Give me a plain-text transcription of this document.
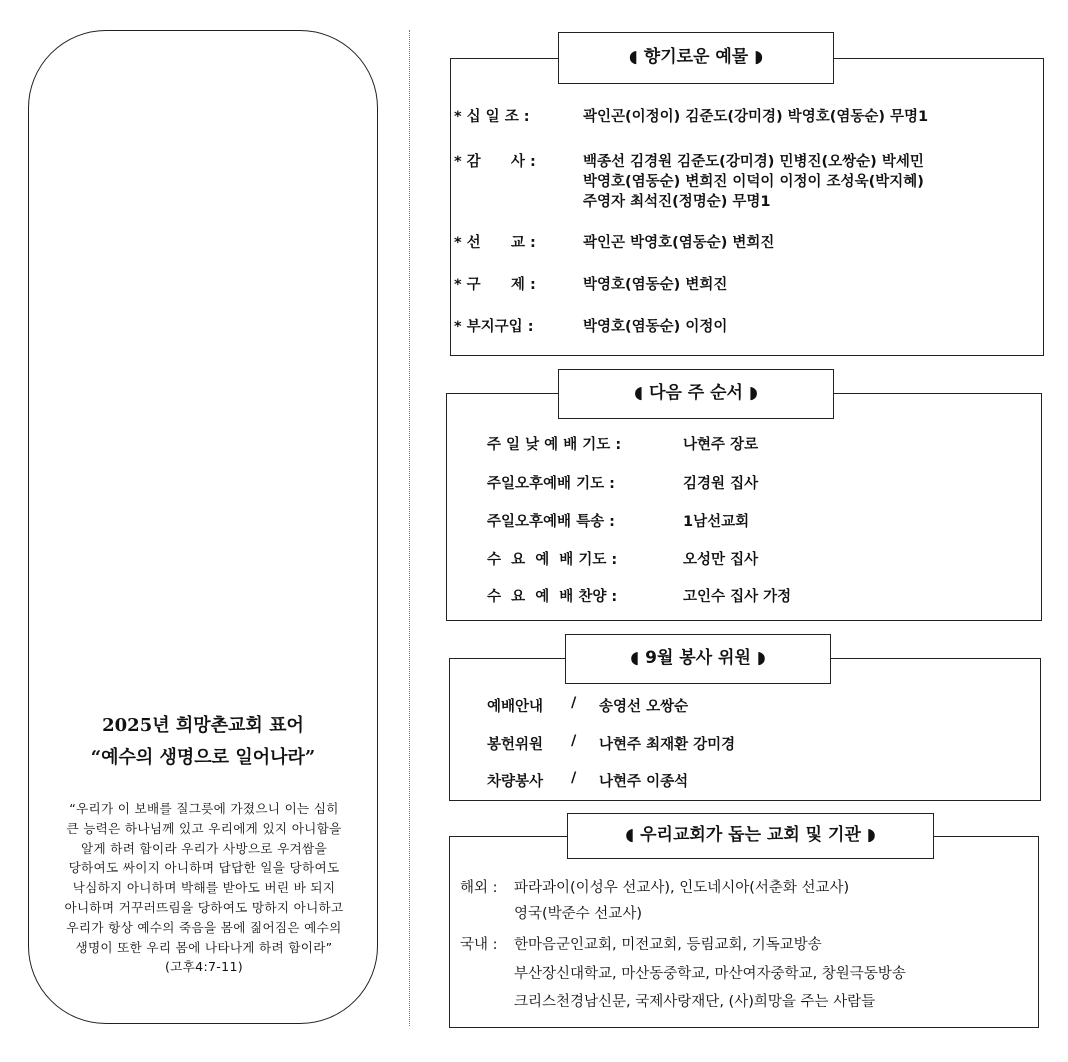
2025년 희망촌교회 표어
“예수의 생명으로 일어나라”
“우리가 이 보배를 질그릇에 가졌으니 이는 심히
큰 능력은 하나님께 있고 우리에게 있지 아니함을
알게 하려 함이라 우리가 사방으로 우겨쌈을
당하여도 싸이지 아니하며 답답한 일을 당하여도
낙심하지 아니하며 박해를 받아도 버린 바 되지
아니하며 거꾸러뜨림을 당하여도 망하지 아니하고
우리가 항상 예수의 죽음을 몸에 짊어짐은 예수의
생명이 또한 우리 몸에 나타나게 하려 함이라”
(고후4:7-11)
◖ 향기로운 예물 ◗
* 십 일 조 :	곽인곤(이정이) 김준도(강미경) 박영호(염동순) 무명1
* 감      사 :	백종선 김경원 김준도(강미경) 민병진(오쌍순) 박세민
박영호(염동순) 변희진 이덕이 이정이 조성욱(박지혜)
주영자 최석진(정명순) 무명1
* 선      교 :	곽인곤 박영호(염동순) 변희진
* 구      제 :	박영호(염동순) 변희진
* 부지구입 :	박영호(염동순) 이정이
◖ 다음 주 순서 ◗
주 일 낮 예 배 기도 :	나현주 장로
주일오후예배 기도 :	김경원 집사
주일오후예배 특송 :	1남선교회
수  요  예  배 기도 :	오성만 집사
수  요  예  배 찬양 :	고인수 집사 가정
◖ 9월 봉사 위원 ◗
예배안내 / 송영선 오쌍순
봉헌위원 / 나현주 최재환 강미경
차량봉사 / 나현주 이종석
◖ 우리교회가 돕는 교회 및 기관 ◗
해외 : 파라과이(이성우 선교사), 인도네시아(서춘화 선교사)
영국(박준수 선교사)
국내 : 한마음군인교회, 미전교회, 등림교회, 기독교방송
부산장신대학교, 마산동중학교, 마산여자중학교, 창원극동방송
크리스천경남신문, 국제사랑재단, (사)희망을 주는 사람들
